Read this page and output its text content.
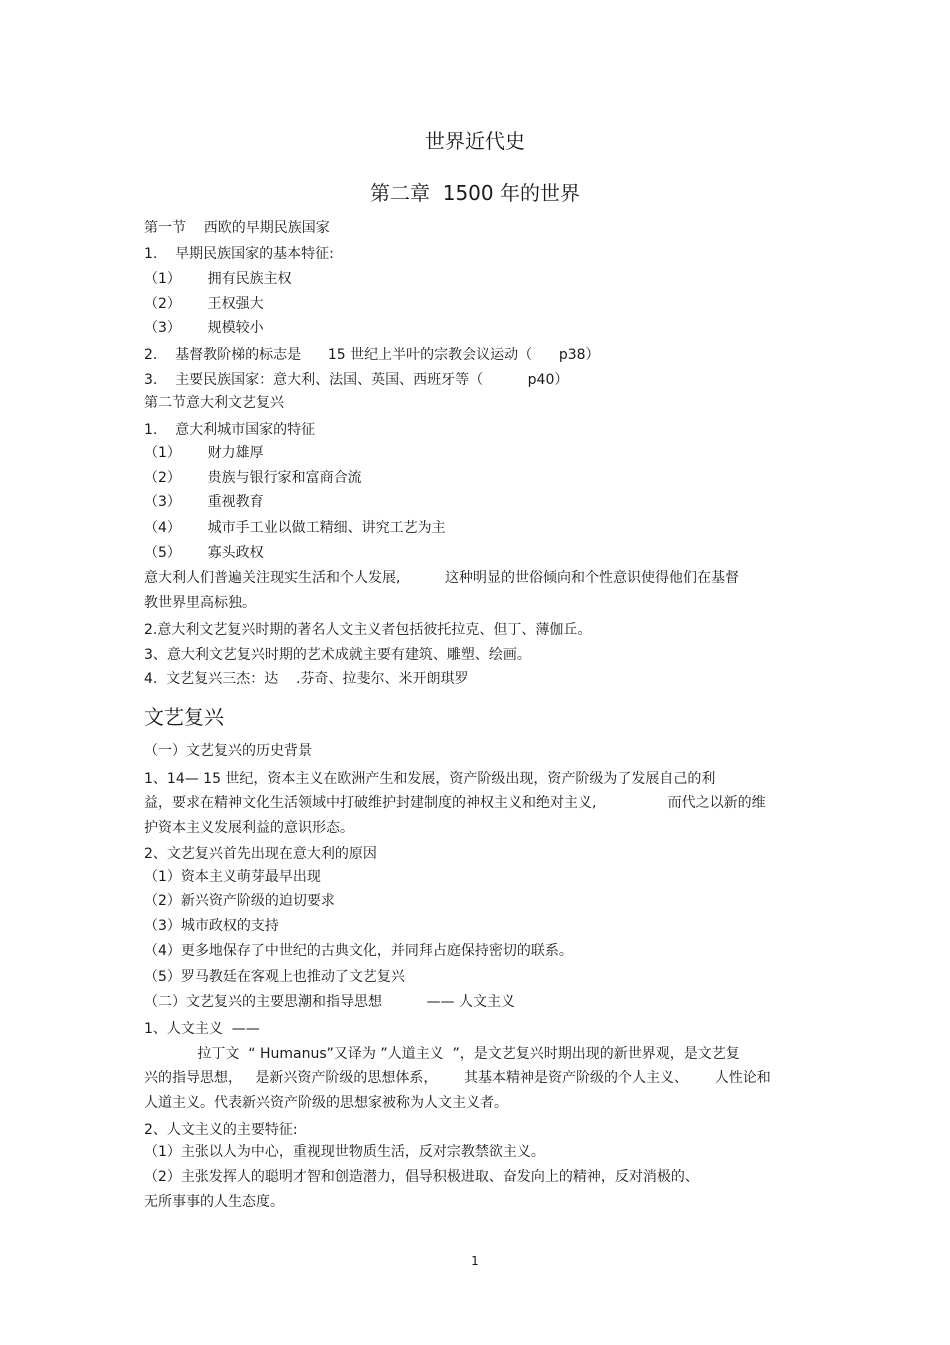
世界近代史
第二章  1500 年的世界
第一节    西欧的早期民族国家
1.    早期民族国家的基本特征:
（1）      拥有民族主权
（2）      王权强大
（3）      规模较小
2.    基督教阶梯的标志是      15 世纪上半叶的宗教会议运动（      p38）
3.    主要民族国家：意大利、法国、英国、西班牙等（          p40）
第二节意大利文艺复兴
1.    意大利城市国家的特征
（1）      财力雄厚
（2）      贵族与银行家和富商合流
（3）      重视教育
（4）      城市手工业以做工精细、讲究工艺为主
（5）      寡头政权
意大利人们普遍关注现实生活和个人发展,          这种明显的世俗倾向和个性意识使得他们在基督
教世界里高标独。
2.意大利文艺复兴时期的著名人文主义者包括彼托拉克、但丁、薄伽丘。
3、意大利文艺复兴时期的艺术成就主要有建筑、雕塑、绘画。
4.  文艺复兴三杰：达    .芬奇、拉斐尔、米开朗琪罗
文艺复兴
（一）文艺复兴的历史背景
1、14— 15 世纪，资本主义在欧洲产生和发展，资产阶级出现，资产阶级为了发展自己的利
益，要求在精神文化生活领域中打破维护封建制度的神权主义和绝对主义,                而代之以新的维
护资本主义发展利益的意识形态。
2、文艺复兴首先出现在意大利的原因
（1）资本主义萌芽最早出现
（2）新兴资产阶级的迫切要求
（3）城市政权的支持
（4）更多地保存了中世纪的古典文化，并同拜占庭保持密切的联系。
（5）罗马教廷在客观上也推动了文艺复兴
（二）文艺复兴的主要思潮和指导思想          —— 人文主义
1、人文主义  ——
拉丁文  “ Humanus”又译为 ”人道主义  ”，是文艺复兴时期出现的新世界观，是文艺复
兴的指导思想，   是新兴资产阶级的思想体系，      其基本精神是资产阶级的个人主义、      人性论和
人道主义。代表新兴资产阶级的思想家被称为人文主义者。
2、人文主义的主要特征:
（1）主张以人为中心，重视现世物质生活，反对宗教禁欲主义。
（2）主张发挥人的聪明才智和创造潜力，倡导积极进取、奋发向上的精神，反对消极的、
无所事事的人生态度。
1
